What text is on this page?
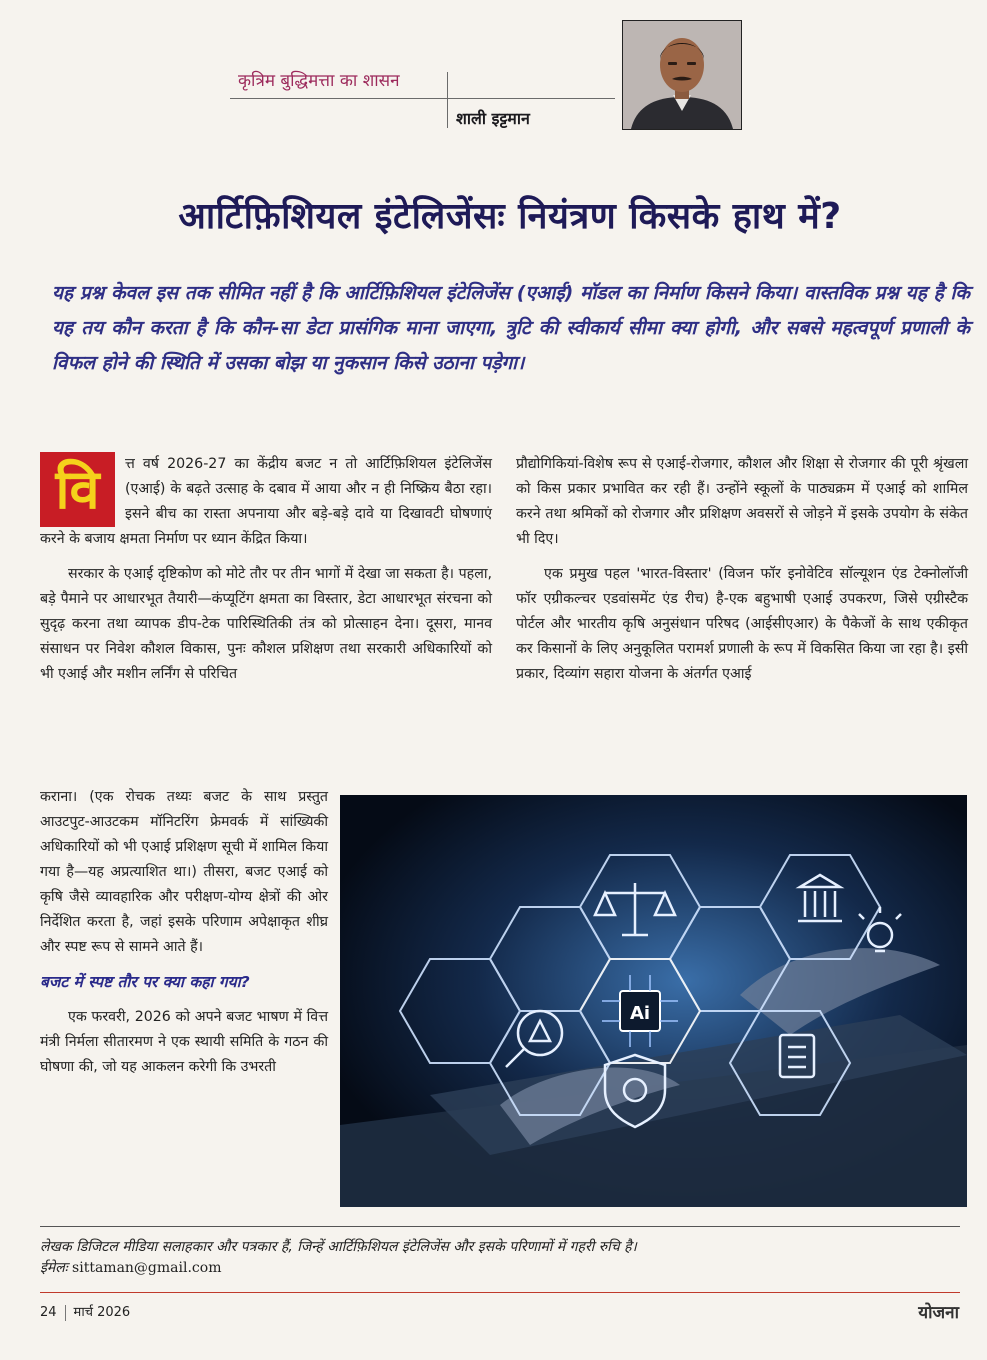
कृत्रिम बुद्धिमत्ता का शासन
शाली इट्टमान
आर्टिफ़िशियल इंटेलिजेंसः नियंत्रण किसके हाथ में?
यह प्रश्न केवल इस तक सीमित नहीं है कि आर्टिफ़िशियल इंटेलिजेंस (एआई) मॉडल का निर्माण किसने किया। वास्तविक प्रश्न यह है कि यह तय कौन करता है कि कौन-सा डेटा प्रासंगिक माना जाएगा, त्रुटि की स्वीकार्य सीमा क्या होगी, और सबसे महत्वपूर्ण प्रणाली के विफल होने की स्थिति में उसका बोझ या नुकसान किसे उठाना पड़ेगा।

वि	त्त वर्ष 2026-27 का केंद्रीय बजट न तो आर्टिफ़िशियल इंटेलिजेंस (एआई) के बढ़ते उत्साह के दबाव में आया और न ही निष्क्रिय बैठा रहा। इसने बीच का रास्ता अपनाया और बड़े-बड़े दावे या दिखावटी घोषणाएं करने के बजाय क्षमता निर्माण पर ध्यान केंद्रित किया।

सरकार के एआई दृष्टिकोण को मोटे तौर पर तीन भागों में देखा जा सकता है। पहला, बड़े पैमाने पर आधारभूत तैयारी—कंप्यूटिंग क्षमता का विस्तार, डेटा आधारभूत संरचना को सुदृढ़ करना तथा व्यापक डीप-टेक पारिस्थितिकी तंत्र को प्रोत्साहन देना। दूसरा, मानव संसाधन पर निवेश कौशल विकास, पुनः कौशल प्रशिक्षण तथा सरकारी अधिकारियों को भी एआई और मशीन लर्निंग से परिचित

कराना। (एक रोचक तथ्यः बजट के साथ प्रस्तुत आउटपुट-आउटकम मॉनिटरिंग फ्रेमवर्क में सांख्यिकी अधिकारियों को भी एआई प्रशिक्षण सूची में शामिल किया गया है—यह अप्रत्याशित था।) तीसरा, बजट एआई को कृषि जैसे व्यावहारिक और परीक्षण-योग्य क्षेत्रों की ओर निर्देशित करता है, जहां इसके परिणाम अपेक्षाकृत शीघ्र और स्पष्ट रूप से सामने आते हैं।

बजट में स्पष्ट तौर पर क्या कहा गया?

एक फरवरी, 2026 को अपने बजट भाषण में वित्त मंत्री निर्मला सीतारमण ने एक स्थायी समिति के गठन की घोषणा की, जो यह आकलन करेगी कि उभरती

प्रौद्योगिकियां-विशेष रूप से एआई-रोजगार, कौशल और शिक्षा से रोजगार की पूरी श्रृंखला को किस प्रकार प्रभावित कर रही हैं। उन्होंने स्कूलों के पाठ्यक्रम में एआई को शामिल करने तथा श्रमिकों को रोजगार और प्रशिक्षण अवसरों से जोड़ने में इसके उपयोग के संकेत भी दिए।

एक प्रमुख पहल 'भारत-विस्तार' (विजन फॉर इनोवेटिव सॉल्यूशन एंड टेक्नोलॉजी फॉर एग्रीकल्चर एडवांसमेंट एंड रीच) है-एक बहुभाषी एआई उपकरण, जिसे एग्रीस्टैक पोर्टल और भारतीय कृषि अनुसंधान परिषद (आईसीएआर) के पैकेजों के साथ एकीकृत कर किसानों के लिए अनुकूलित परामर्श प्रणाली के रूप में विकसित किया जा रहा है। इसी प्रकार, दिव्यांग सहारा योजना के अंतर्गत एआई

Ai
लेखक डिजिटल मीडिया सलाहकार और पत्रकार हैं, जिन्हें आर्टिफ़िशियल इंटेलिजेंस और इसके परिणामों में गहरी रुचि है।
ईमेलः sittaman@gmail.com
24 मार्च 2026	योजना
